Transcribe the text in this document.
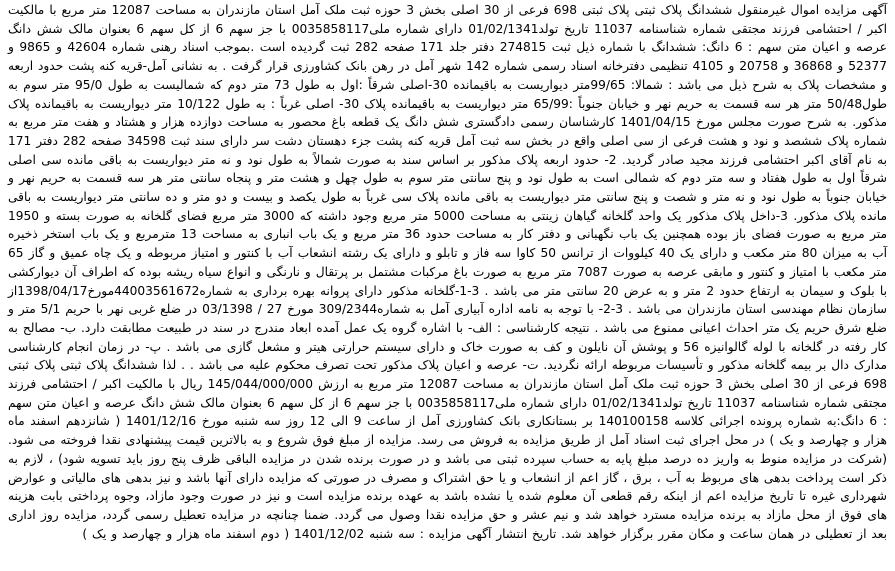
آگهی مزایده اموال غیرمنقول ششدانگ پلاک ثبتی پلاک ثبتی 698 فرعی از 30 اصلی بخش 3 حوزه ثبت ملک آمل استان مازندران به مساحت 12087 متر مربع با مالکیت اکبر / احتشامی فرزند مجتقی شماره شناسنامه 11037 تاریخ تولد01/02/1341 دارای شماره ملی0035858117 با جز سهم 6 از کل سهم 6 بعنوان مالک شش دانگ عرصه و اعیان متن سهم : 6 دانگ: ششدانگ با شماره ذیل ثبت 274815 دفتر جلد 171 صفحه 282 ثبت گردیده است .بموجب اسناد رهنی شماره 42604 و 9865 و 52377 و 36868 و 20758 و 4105 تنظیمی دفترخانه اسناد رسمی شماره 142 شهر آمل در رهن بانک کشاورزی قرار گرفت . به نشانی آمل-قریه کنه پشت حدود اربعه و مشخصات پلاک به شرح ذیل می باشد : شمالا: 99/65متر دیواریست به باقیمانده 30-اصلی شرقاً :اول به طول 73 متر دوم که شمالیست به طول 95/0 متر سوم به طول50/48 متر هر سه قسمت به حریم نهر و خیابان جنوباً :65/99 متر دیواریست به باقیمانده پلاک 30- اصلی غرباً : به طول 10/122 متر دیواریست به باقیمانده پلاک مذکور. به شرح صورت مجلس مورخ 1401/04/15 کارشناسان رسمی دادگستری شش دانگ یک قطعه باغ محصور به مساحت دوازده هزار و هشتاد و هفت متر مربع به شماره پلاک ششصد و نود و هشت فرعی از سی اصلی واقع در بخش سه ثبت آمل قریه کنه پشت جزء دهستان دشت سر دارای سند ثبت 34598 صفحه 282 دفتر 171 به نام آقای اکبر احتشامی فرزند مجید صادر گردید. 2- حدود اربعه پلاک مذکور بر اساس سند به صورت شمالاً به طول نود و نه متر دیواریست به باقی مانده سی اصلی شرقاً اول به طول هفتاد و سه متر دوم که شمالی است به طول نود و پنج سانتی متر سوم به طول چهل و هشت متر و پنجاه سانتی متر هر سه قسمت به حریم نهر و خیابان جنوباً به طول نود و نه متر و شصت و پنج سانتی متر دیواریست به باقی مانده پلاک سی غرباً به طول یکصد و بیست و دو متر و ده سانتی متر دیواریست به باقی مانده پلاک مذکور. 3-داخل پلاک مذکور یک واحد گلخانه گیاهان زینتی به مساحت 5000 متر مربع وجود داشته که 3000 متر مربع فضای گلخانه به صورت بسته و 1950 متر مربع به صورت فضای باز بوده همچنین یک باب نگهبانی و دفتر کار به مساحت حدود 36 متر مربع و یک باب انباری به مساحت 13 مترمربع و یک باب استخر ذخیره آب به میزان 80 متر مکعب و دارای یک 40 کیلووات از ترانس 50 کاوا سه فاز و تابلو و دارای یک رشته انشعاب آب با کنتور و امتیاز مربوطه و یک چاه عمیق و گاز 65 متر مکعب با امتیاز و کنتور و مابقی عرصه به صورت 7087 متر مربع به صورت باغ مرکبات مشتمل بر پرتقال و نارنگی و انواع سیاه ریشه بوده که اطراف آن دیوارکشی با بلوک و سیمان به ارتفاع حدود 2 متر و به عرض 20 سانتی متر می باشد . 3-1-گلخانه مذکور دارای پروانه بهره برداری به شماره44003561672مورخ1398/04/17از سازمان نظام مهندسی استان مازندران می باشد . 3-2- با توجه به نامه اداره آبیاری آمل به شماره309/2344 مورخ 27 / 03/1398 در ضلع غربی نهر با حریم 5/1 متر و ضلع شرق حریم یک متر احداث اعیانی ممنوع می باشد . نتیجه کارشناسی : الف- با اشاره گروه یک عمل آمده ابعاد مندرج در سند در طبیعت مطابقت دارد. ب- مصالح به کار رفته در گلخانه با لوله گالوانیزه 56 و پوشش آن نایلون و کف به صورت خاک و دارای سیستم حرارتی هیتر و مشعل گازی می باشد . پ- در زمان انجام کارشناسی مدارک دال بر بیمه گلخانه مذکور و تأسیسات مربوطه ارائه نگردید. ت- عرصه و اعیان پلاک مذکور تحت تصرف محکوم علیه می باشد . . لذا ششدانگ پلاک ثبتی پلاک ثبتی 698 فرعی از 30 اصلی بخش 3 حوزه ثبت ملک آمل استان مازندران به مساحت 12087 متر مربع به ارزش 145/044/000/000 ریال با مالکیت اکبر / احتشامی فرزند مجتقی شماره شناسنامه 11037 تاریخ تولد01/02/1341 دارای شماره ملی0035858117 با جز سهم 6 از کل سهم 6 بعنوان مالک شش دانگ عرصه و اعیان متن سهم : 6 دانگ:به شماره پرونده اجرائی کلاسه 140100158 بر بستانکاری بانک کشاورزی آمل از ساعت 9 الی 12 روز سه شنبه مورخ 1401/12/16 ( شانزدهم اسفند ماه هزار و چهارصد و یک ) در محل اجرای ثبت اسناد آمل از طریق مزایده به فروش می رسد. مزایده از مبلغ فوق شروع و به بالاترین قیمت پیشنهادی نقدا فروخته می شود.(شرکت در مزایده منوط به واریز ده درصد مبلغ پایه به حساب سپرده ثبتی می باشد و در صورت برنده شدن در مزایده الباقی ظرف پنج روز باید تسویه شود) ، لازم به ذکر است پرداخت بدهی های مربوط به آب ، برق ، گاز اعم از انشعاب و یا حق اشتراک و مصرف در صورتی که مزایده دارای آنها باشد و نیز بدهی های مالیاتی و عوارض شهرداری غیره تا تاریخ مزایده اعم از اینکه رقم قطعی آن معلوم شده یا نشده باشد به عهده برنده مزایده است و نیز در صورت وجود مازاد، وجوه پرداختی بابت هزینه های فوق از محل مازاد به برنده مزایده مسترد خواهد شد و نیم عشر و حق مزایده نقدا وصول می گردد. ضمنا چنانچه در مزایده تعطیل رسمی گردد، مزایده روز اداری بعد از تعطیلی در همان ساعت و مکان مقرر برگزار خواهد شد. تاریخ انتشار آگهی مزایده : سه شنبه 1401/12/02 ( دوم اسفند ماه هزار و چهارصد و یک )
